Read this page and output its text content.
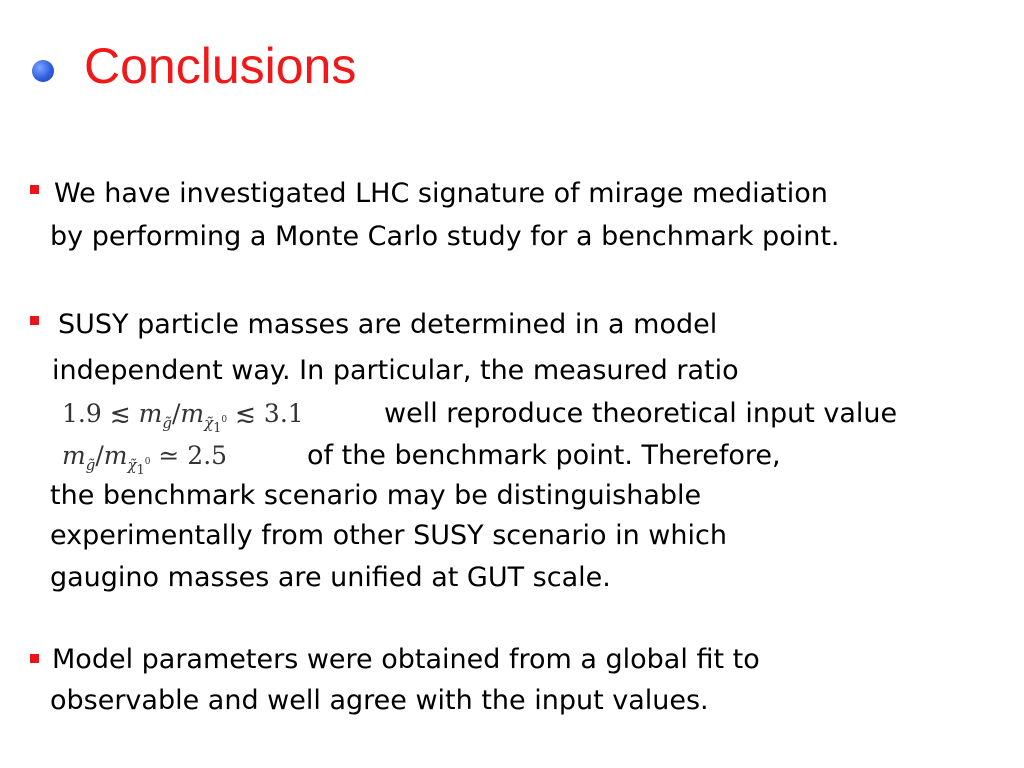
Conclusions
We have investigated LHC signature of mirage mediation
by performing a Monte Carlo study for a benchmark point.
SUSY particle masses are determined in a model
independent way. In particular, the measured ratio
1.9 ≲ $m_{g̃}/m_{\chĩ_1^0}$ ≲ 3.1	well reproduce theoretical input value
$m_{g̃}/m_{\chĩ_1^0}$ ≃ 2.5	of the benchmark point. Therefore,
the benchmark scenario may be distinguishable
experimentally from other SUSY scenario in which
gaugino masses are unified at GUT scale.
Model parameters were obtained from a global fit to
observable and well agree with the input values.
